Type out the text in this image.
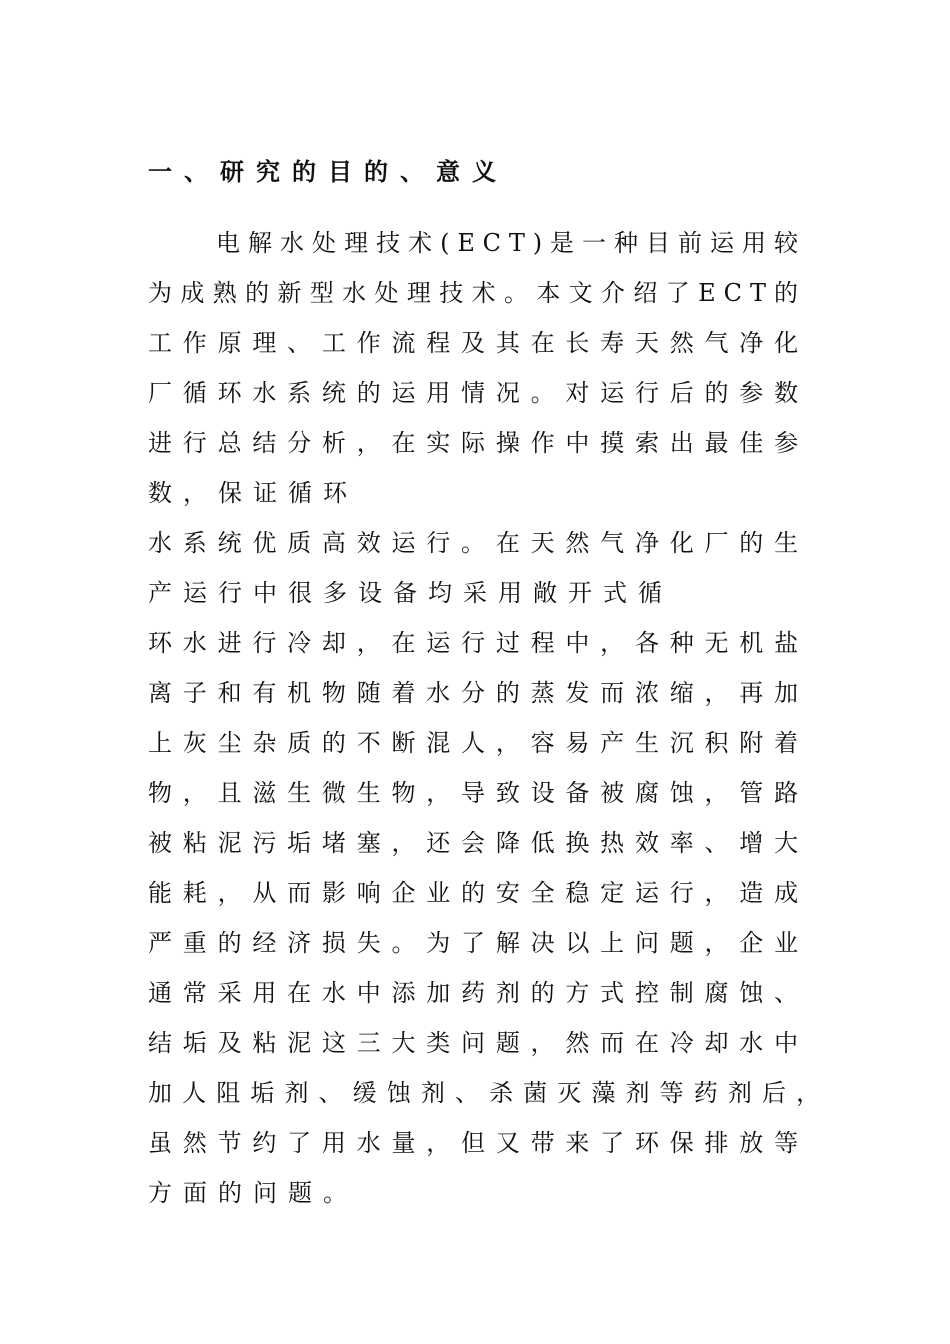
一、研究的目的、意义
电 解 水 处 理 技 术 ( E C T ) 是 一 种 目 前 运 用 较
为 成 熟 的 新 型 水 处 理 技 术 。 本 文 介 绍 了 E C T 的
工 作 原 理 、 工 作 流 程 及 其 在 长 寿 天 然 气 净 化
厂 循 环 水 系 统 的 运 用 情 况 。 对 运 行 后 的 参 数
进 行 总 结 分 析 ， 在 实 际 操 作 中 摸 索 出 最 佳 参
数，保证循环
水 系 统 优 质 高 效 运 行 。 在 天 然 气 净 化 厂 的 生
产运行中很多设备均采用敞开式循
环 水 进 行 冷 却 ， 在 运 行 过 程 中 ， 各 种 无 机 盐
离 子 和 有 机 物 随 着 水 分 的 蒸 发 而 浓 缩 ， 再 加
上 灰 尘 杂 质 的 不 断 混 人 ， 容 易 产 生 沉 积 附 着
物 ， 且 滋 生 微 生 物 ， 导 致 设 备 被 腐 蚀 ， 管 路
被 粘 泥 污 垢 堵 塞 ， 还 会 降 低 换 热 效 率 、 增 大
能 耗 ， 从 而 影 响 企 业 的 安 全 稳 定 运 行 ， 造 成
严 重 的 经 济 损 失 。 为 了 解 决 以 上 问 题 ， 企 业
通 常 采 用 在 水 中 添 加 药 剂 的 方 式 控 制 腐 蚀 、
结 垢 及 粘 泥 这 三 大 类 问 题 ， 然 而 在 冷 却 水 中
加 人 阻 垢 剂 、 缓 蚀 剂 、 杀 菌 灭 藻 剂 等 药 剂 后 ，
虽 然 节 约 了 用 水 量 ， 但 又 带 来 了 环 保 排 放 等
方面的问题。
